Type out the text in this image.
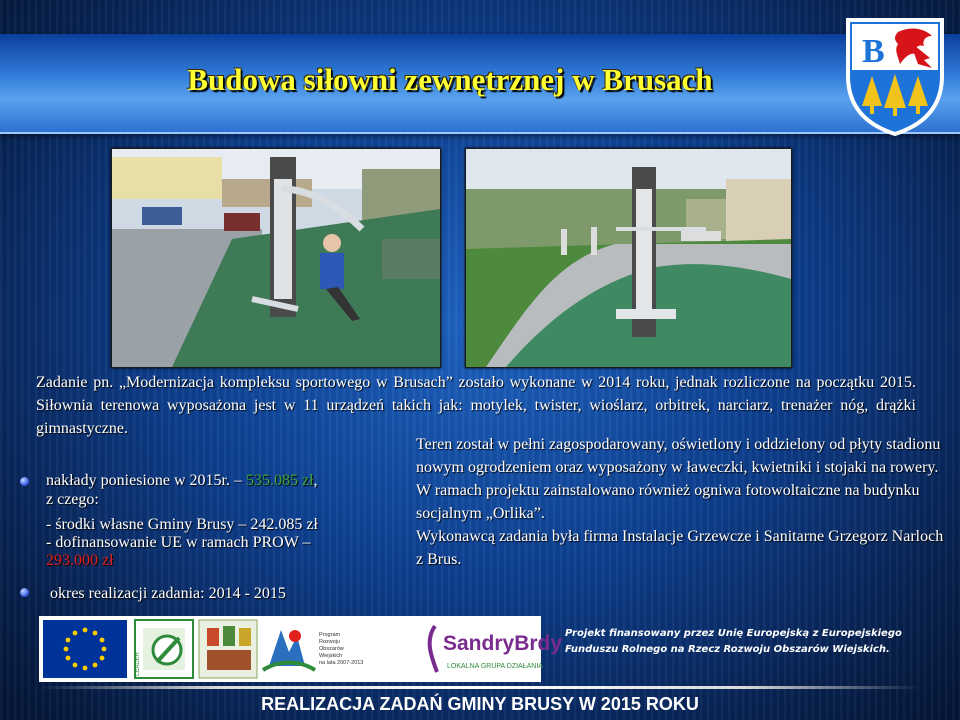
Budowa siłowni zewnętrznej w Brusach
B
Zadanie pn. „Modernizacja kompleksu sportowego w Brusach” zostało wykonane w 2014 roku, jednak rozliczone na początku 2015. Siłownia terenowa wyposażona jest w 11 urządzeń takich jak: motylek, twister, wioślarz, orbitrek, narciarz, trenażer nóg, drążki gimnastyczne.

Teren został w pełni zagospodarowany, oświetlony i oddzielony od płyty stadionu nowym ogrodzeniem oraz wyposażony w ławeczki, kwietniki i stojaki na rowery.

W ramach projektu zainstalowano również ogniwa fotowoltaiczne na budynku socjalnym „Orlika”.

Wykonawcą zadania była firma Instalacje Grzewcze i Sanitarne Grzegorz Narloch z Brus.

nakłady poniesione w 2015r. – 535.085 zł,
z czego:
- środki własne Gminy Brusy – 242.085 zł
- dofinansowanie UE w ramach PROW –
293.000 zł
okres realizacji zadania: 2014 - 2015
LEADER
Program
Rozwoju
Obszarów
Wiejskich
na lata 2007-2013
SandryBrdy
LOKALNA GRUPA DZIAŁANIA
Projekt finansowany przez Unię Europejską z Europejskiego Funduszu Rolnego na Rzecz Rozwoju Obszarów Wiejskich.
REALIZACJA ZADAŃ GMINY BRUSY W 2015 ROKU
